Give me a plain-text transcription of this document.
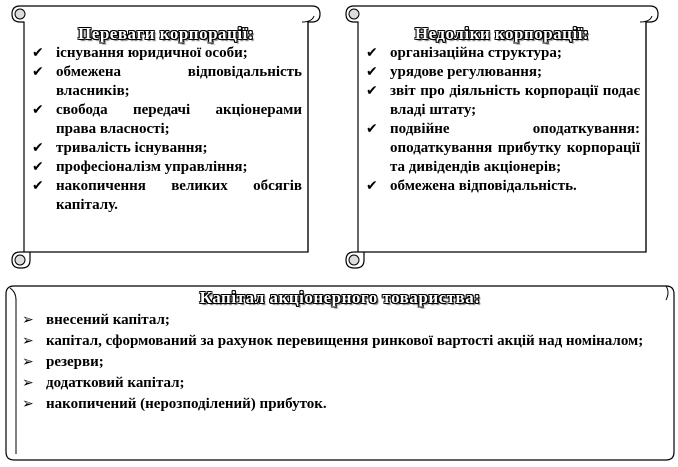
Переваги корпорації:
✔ існування юридичної особи;
✔ обмежена відповідальність власників;
✔ свобода передачі акціонерами права власності;
✔ тривалість існування;
✔ професіоналізм управління;
✔ накопичення великих обсягів капіталу.
Недоліки корпорації:
✔ організаційна структура;
✔ урядове регулювання;
✔ звіт про діяльність корпорації подає владі штату;
✔ подвійне оподаткування: оподаткування прибутку корпорації та дивідендів акціонерів;
✔ обмежена відповідальність.
Капітал акціонерного товариства:
➢ внесений капітал;
➢ капітал, сформований за рахунок перевищення ринкової вартості акцій над номіналом;
➢ резерви;
➢ додатковий капітал;
➢ накопичений (нерозподілений) прибуток.
